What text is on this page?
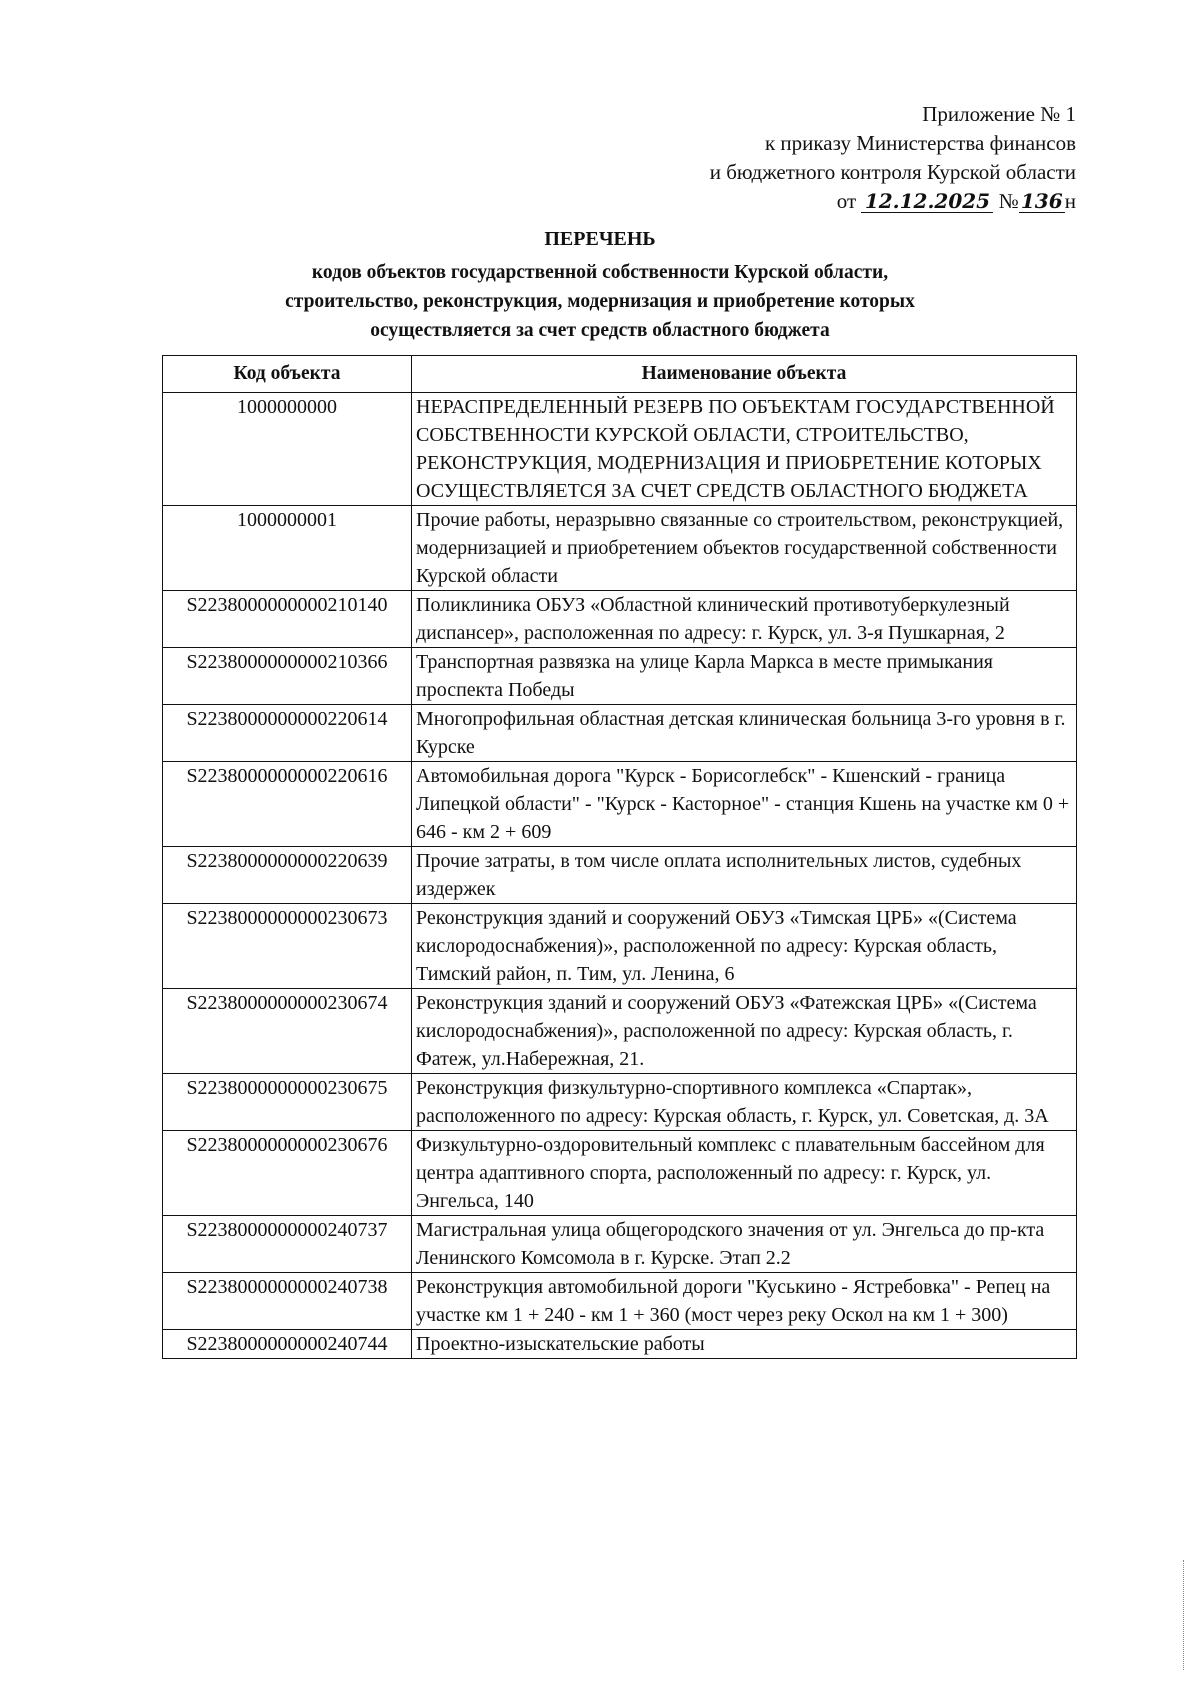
Приложение № 1
к приказу Министерства финансов
и бюджетного контроля Курской области
от 12.12.2025 № 136 н
ПЕРЕЧЕНЬ
кодов объектов государственной собственности Курской области,
строительство, реконструкция, модернизация и приобретение которых
осуществляется за счет средств областного бюджета
Код объекта	Наименование объекта
1000000000	НЕРАСПРЕДЕЛЕННЫЙ РЕЗЕРВ ПО ОБЪЕКТАМ ГОСУДАРСТВЕННОЙ СОБСТВЕННОСТИ КУРСКОЙ ОБЛАСТИ, СТРОИТЕЛЬСТВО, РЕКОНСТРУКЦИЯ, МОДЕРНИЗАЦИЯ И ПРИОБРЕТЕНИЕ КОТОРЫХ ОСУЩЕСТВЛЯЕТСЯ ЗА СЧЕТ СРЕДСТВ ОБЛАСТНОГО БЮДЖЕТА
1000000001	Прочие работы, неразрывно связанные со строительством, реконструкцией, модернизацией и приобретением объектов государственной собственности Курской области
S2238000000000210140	Поликлиника ОБУЗ «Областной клинический противотуберкулезный диспансер», расположенная по адресу: г. Курск, ул. 3-я Пушкарная, 2
S2238000000000210366	Транспортная развязка на улице Карла Маркса в месте примыкания проспекта Победы
S2238000000000220614	Многопрофильная областная детская клиническая больница 3-го уровня в г. Курске
S2238000000000220616	Автомобильная дорога "Курск - Борисоглебск" - Кшенский - граница Липецкой области" - "Курск - Касторное" - станция Кшень на участке км 0 + 646 - км 2 + 609
S2238000000000220639	Прочие затраты, в том числе оплата исполнительных листов, судебных издержек
S2238000000000230673	Реконструкция зданий и сооружений ОБУЗ «Тимская ЦРБ» «(Система кислородоснабжения)», расположенной по адресу: Курская область, Тимский район, п. Тим, ул. Ленина, 6
S2238000000000230674	Реконструкция зданий и сооружений ОБУЗ «Фатежская ЦРБ» «(Система кислородоснабжения)», расположенной по адресу: Курская область, г. Фатеж, ул.Набережная, 21.
S2238000000000230675	Реконструкция физкультурно-спортивного комплекса «Спартак», расположенного по адресу: Курская область, г. Курск, ул. Советская, д. 3А
S2238000000000230676	Физкультурно-оздоровительный комплекс с плавательным бассейном для центра адаптивного спорта, расположенный по адресу: г. Курск, ул. Энгельса, 140
S2238000000000240737	Магистральная улица общегородского значения от ул. Энгельса до пр-кта Ленинского Комсомола в г. Курске. Этап 2.2
S2238000000000240738	Реконструкция автомобильной дороги "Куськино - Ястребовка" - Репец на участке км 1 + 240 - км 1 + 360 (мост через реку Оскол на км 1 + 300)
S2238000000000240744	Проектно-изыскательские работы
